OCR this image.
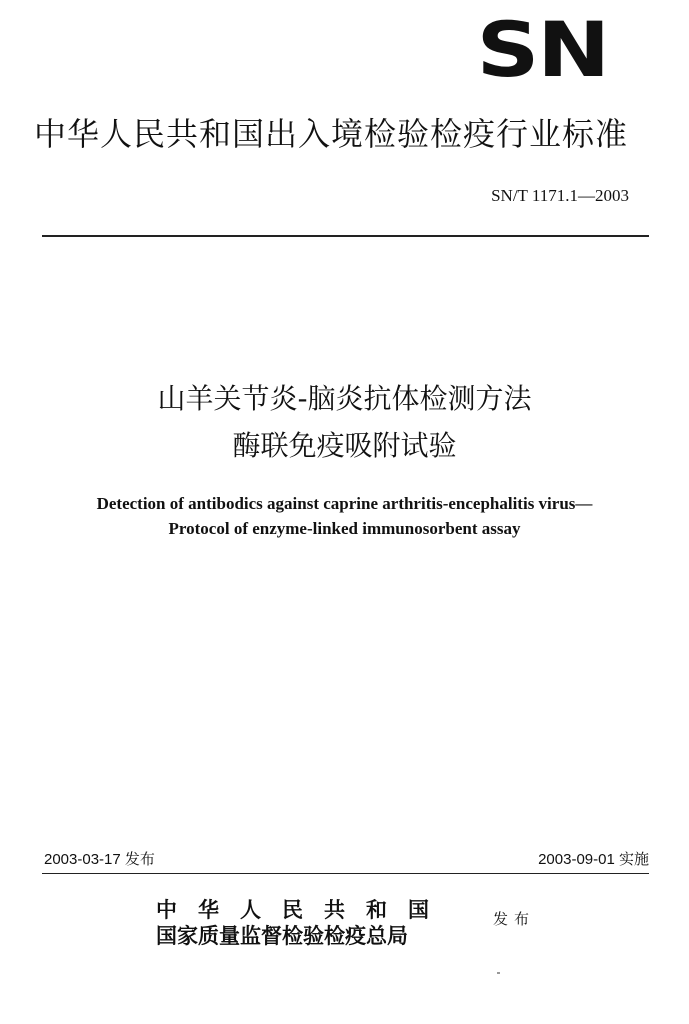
SN
中华人民共和国出入境检验检疫行业标准
SN/T 1171.1—2003
山羊关节炎-脑炎抗体检测方法
酶联免疫吸附试验
Detection of antibodics against caprine arthritis-encephalitis virus—
Protocol of enzyme-linked immunosorbent assay
2003-03-17 发布	2003-09-01 实施
中华人民共和国
国家质量监督检验检疫总局
发布
